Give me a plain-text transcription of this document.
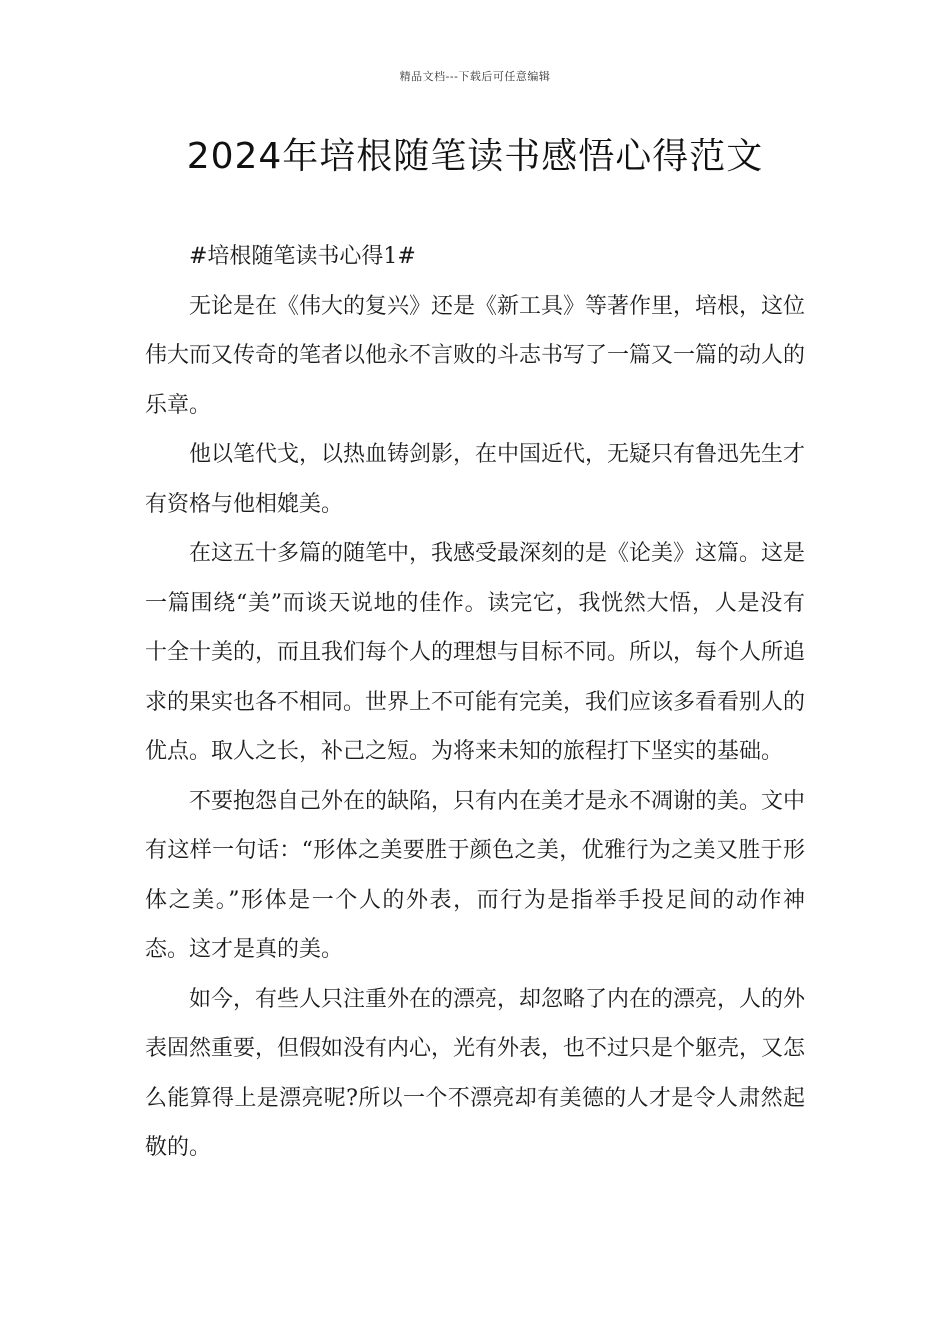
精品文档---下载后可任意编辑
2024年培根随笔读书感悟心得范文

#培根随笔读书心得1#

无论是在《伟大的复兴》还是《新工具》等著作里，培根，这位伟大而又传奇的笔者以他永不言败的斗志书写了一篇又一篇的动人的乐章。

他以笔代戈，以热血铸剑影，在中国近代，无疑只有鲁迅先生才有资格与他相媲美。

在这五十多篇的随笔中，我感受最深刻的是《论美》这篇。这是一篇围绕“美”而谈天说地的佳作。读完它，我恍然大悟，人是没有十全十美的，而且我们每个人的理想与目标不同。所以，每个人所追求的果实也各不相同。世界上不可能有完美，我们应该多看看别人的优点。取人之长，补己之短。为将来未知的旅程打下坚实的基础。

不要抱怨自己外在的缺陷，只有内在美才是永不凋谢的美。文中有这样一句话：“形体之美要胜于颜色之美，优雅行为之美又胜于形体之美。”形体是一个人的外表，而行为是指举手投足间的动作神态。这才是真的美。

如今，有些人只注重外在的漂亮，却忽略了内在的漂亮，人的外表固然重要，但假如没有内心，光有外表，也不过只是个躯壳，又怎么能算得上是漂亮呢?所以一个不漂亮却有美德的人才是令人肃然起敬的。
